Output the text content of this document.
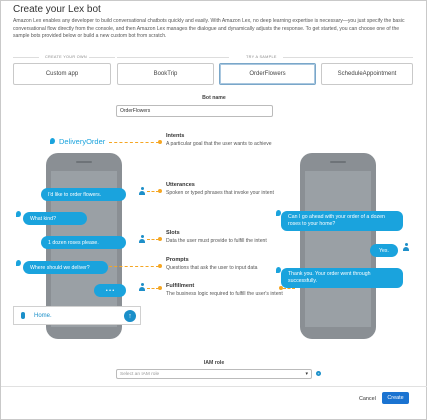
Create your Lex bot
Amazon Lex enables any developer to build conversational chatbots quickly and easily. With Amazon Lex, no deep learning expertise is necessary—you just specify the basic conversational flow directly from the console, and then Amazon Lex manages the dialogue and dynamically adjusts the response. To get started, you can choose one of the sample bots provided below or build a new custom bot from scratch.
CREATE YOUR OWN	TRY A SAMPLE
Custom app	BookTrip	OrderFlowers	ScheduleAppointment
Bot name
OrderFlowers
DeliveryOrder
I'd like to order flowers.
What kind?
1 dozen roses please.
Where should we deliver?
• • •
Home.	↑
Can I go ahead with your order of a dozen roses to your home?
Yes.
Thank you. Your order went through successfully.
Intents
A particular goal that the user wants to achieve
Utterances
Spoken or typed phrases that invoke your intent
Slots
Data the user must provide to fulfill the intent
Prompts
Questions that ask the user to input data
Fulfillment
The business logic required to fulfill the user's intent
IAM role
Select an IAM role	▾	+
Cancel	Create
